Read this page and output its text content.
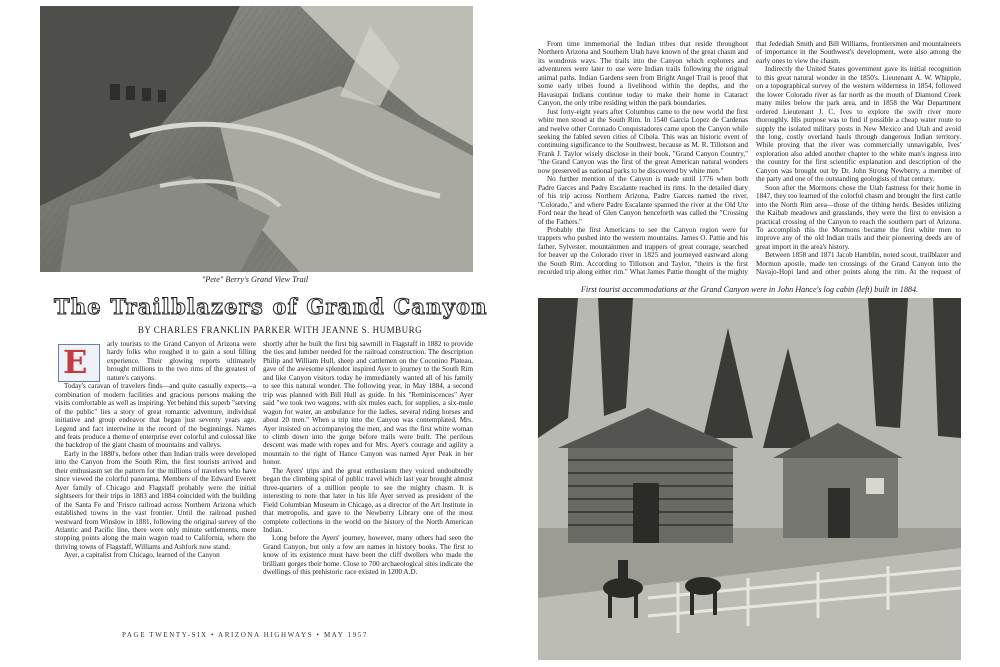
"Pete" Berry's Grand View Trail
The Trailblazers of Grand Canyon
BY CHARLES FRANKLIN PARKER WITH JEANNE S. HUMBURG
E	arly tourists to the Grand Canyon of Arizona were hardy folks who roughed it to gain a soul filling experience. Their glowing reports ultimately brought millions to the two rims of the greatest of nature's canyons.

Today's caravan of travelers finds—and quite casually expects—a combination of modern facilities and gracious persons making the visits comfortable as well as inspiring. Yet behind this superb "serving of the public" lies a story of great romantic adventure, individual initiative and group endeavor that began just seventy years ago. Legend and fact intertwine in the record of the beginnings. Names and feats produce a theme of enterprise ever colorful and colossal like the backdrop of the giant chasm of mountains and valleys.

Early in the 1880's, before other than Indian trails were developed into the Canyon from the South Rim, the first tourists arrived and their enthusiasm set the pattern for the millions of travelers who have since viewed the colorful panorama. Members of the Edward Everett Ayer family of Chicago and Flagstaff probably were the initial sightseers for their trips in 1883 and 1884 coincided with the building of the Santa Fe and 'Frisco railroad across Northern Arizona which established towns in the vast frontier. Until the railroad pushed westward from Winslow in 1881, following the original survey of the Atlantic and Pacific line, there were only minute settlements, mere stopping points along the main wagon road to California, where the thriving towns of Flagstaff, Williams and Ashfork now stand.

Ayer, a capitalist from Chicago, learned of the Canyon

shortly after he built the first big sawmill in Flagstaff in 1882 to provide the ties and lumber needed for the railroad construction. The description Philip and William Hull, sheep and cattlemen on the Coconino Plateau, gave of the awesome splendor inspired Ayer to journey to the South Rim and like Canyon visitors today he immediately wanted all of his family to see this natural wonder. The following year, in May 1884, a second trip was planned with Bill Hull as guide. In his "Reminiscences" Ayer said "we took two wagons, with six mules each, for supplies, a six-mule wagon for water, an ambulance for the ladies, several riding horses and about 20 men." When a trip into the Canyon was contemplated, Mrs. Ayer insisted on accompanying the men, and was the first white woman to climb down into the gorge before trails were built. The perilous descent was made with ropes and for Mrs. Ayer's courage and agility a mountain to the right of Hance Canyon was named Ayer Peak in her honor.

The Ayers' trips and the great enthusiasm they voiced undoubtedly began the climbing spiral of public travel which last year brought almost three-quarters of a million people to see the mighty chasm. It is interesting to note that later in his life Ayer served as president of the Field Columbian Museum in Chicago, as a director of the Art Institute in that metropolis, and gave to the Newberry Library one of the most complete collections in the world on the history of the North American Indian.

Long before the Ayers' journey, however, many others had seen the Grand Canyon, but only a few are names in history books. The first to know of its existence must have been the cliff dwellers who made the brilliant gorges their home. Close to 700 archaeological sites indicate the dwellings of this prehistoric race existed in 1200 A.D.

From time immemorial the Indian tribes that reside throughout Northern Arizona and Southern Utah have known of the great chasm and its wondrous ways. The trails into the Canyon which explorers and adventurers were later to use were Indian trails following the original animal paths. Indian Gardens seen from Bright Angel Trail is proof that some early tribes found a livelihood within the depths, and the Havasupai Indians continue today to make their home in Cataract Canyon, the only tribe residing within the park boundaries.

Just forty-eight years after Columbus came to the new world the first white men stood at the South Rim. In 1540 Garcia Lopez de Cardenas and twelve other Coronado Conquistadores came upon the Canyon while seeking the fabled seven cities of Cibola. This was an historic event of continuing significance to the Southwest, because as M. R. Tillotson and Frank J. Taylor wisely disclose in their book, "Grand Canyon Country," "the Grand Canyon was the first of the great American natural wonders now preserved as national parks to be discovered by white men."

No further mention of the Canyon is made until 1776 when both Padre Garces and Padre Escalante reached its rims. In the detailed diary of his trip across Northern Arizona, Padre Garces named the river, "Colorado," and where Padre Escalante spanned the river at the Old Ute Ford near the head of Glen Canyon henceforth was called the "Crossing of the Fathers."

Probably the first Americans to see the Canyon region were fur trappers who pushed into the western mountains. James O. Pattie and his father, Sylvester, mountainmen and trappers of great courage, searched for beaver up the Colorado river in 1825 and journeyed eastward along the South Rim. According to Tillotson and Taylor, "theirs is the first recorded trip along either rim." What James Pattie thought of the mighty

that Jedediah Smith and Bill Williams, frontiersmen and mountaineers of importance in the Southwest's development, were also among the early ones to view the chasm.

Indirectly the United States government gave its initial recognition to this great natural wonder in the 1850's. Lieutenant A. W. Whipple, on a topographical survey of the western wilderness in 1854, followed the lower Colorado river as far north as the mouth of Diamond Creek many miles below the park area, and in 1858 the War Department ordered Lieutenant J. C. Ives to explore the swift river more thoroughly. His purpose was to find if possible a cheap water route to supply the isolated military posts in New Mexico and Utah and avoid the long, costly overland hauls through dangerous Indian territory. While proving that the river was commercially unnavigable, Ives' exploration also added another chapter to the white man's ingress into the country for the first scientific explanation and description of the Canyon was brought out by Dr. John Strong Newberry, a member of the party and one of the outstanding geologists of that century.

Soon after the Mormons chose the Utah fastness for their home in 1847, they too learned of the colorful chasm and brought the first cattle into the North Rim area—those of the tithing herds. Besides utilizing the Kaibab meadows and grasslands, they were the first to envision a practical crossing of the Canyon to reach the southern part of Arizona. To accomplish this the Mormons became the first white men to improve any of the old Indian trails and their pioneering deeds are of great import in the area's history.

Between 1858 and 1871 Jacob Hamblin, noted scout, trailblazer and Mormon apostle, made ten crossings of the Grand Canyon into the Navajo-Hopi land and other points along the rim. At the request of

First tourist accommodations at the Grand Canyon were in John Hance's log cabin (left) built in 1884.
PAGE TWENTY-SIX • ARIZONA HIGHWAYS • MAY 1957
